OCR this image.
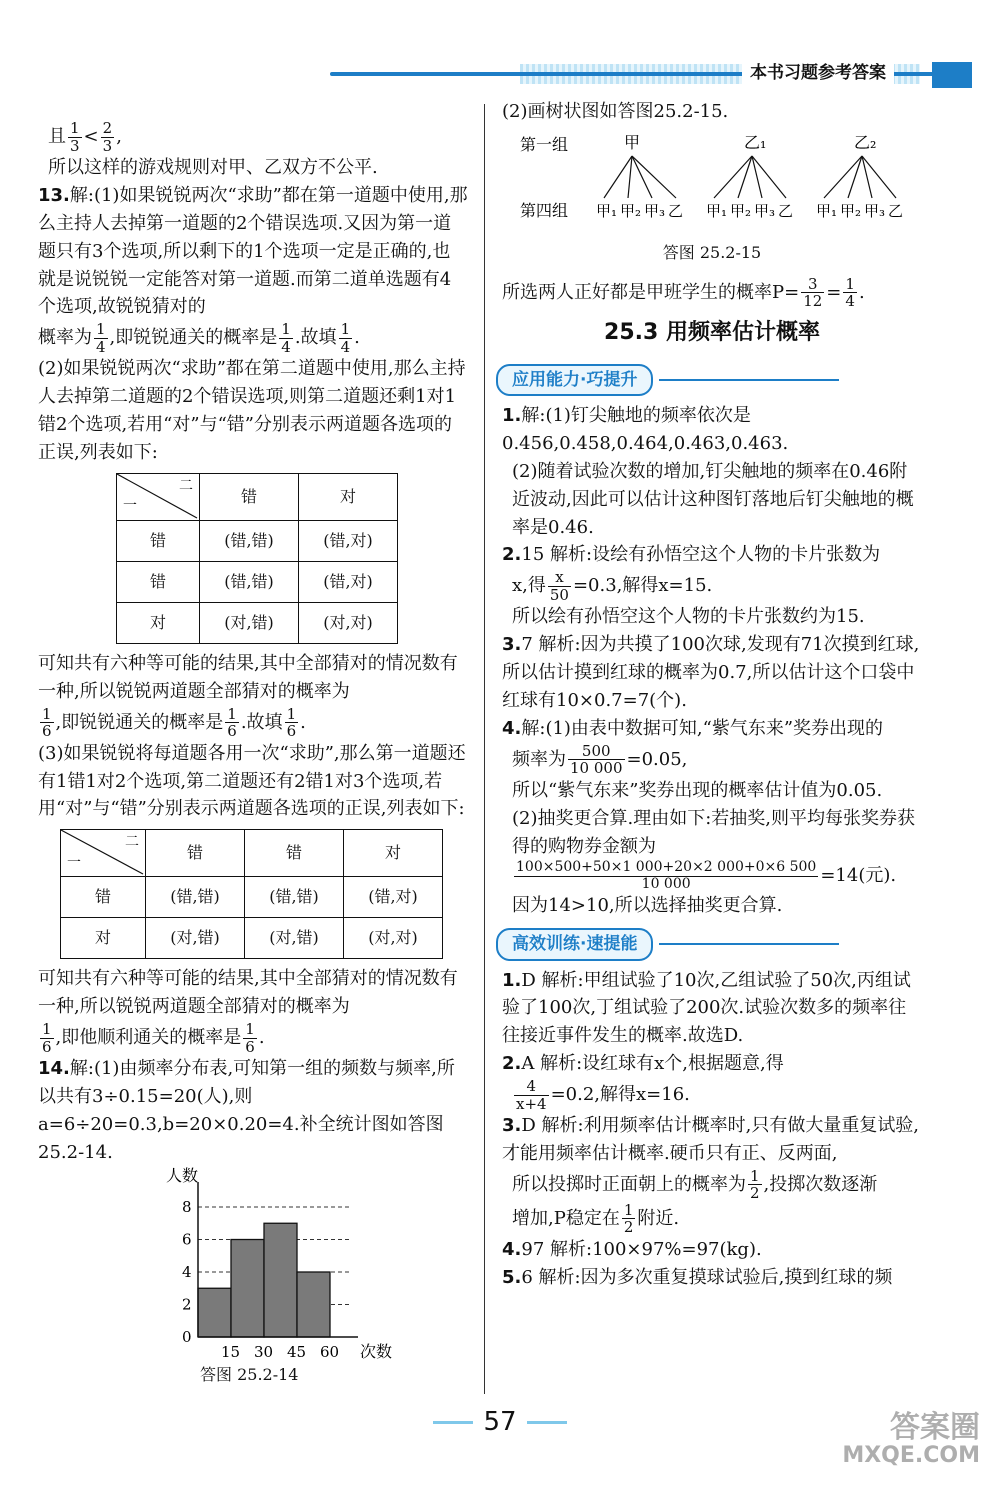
本书习题参考答案

且 $\frac{1}{3} < \frac{2}{3}$ ,

所以这样的游戏规则对甲、乙双方不公平.

13.解:(1)如果锐锐两次“求助”都在第一道题中使用,那么主持人去掉第一道题的2个错误选项.又因为第一道题只有3个选项,所以剩下的1个选项一定是正确的,也就是说锐锐一定能答对第一道题.而第二道单选题有4个选项,故锐锐猜对的

概率为 $\frac{1}{4}$ ,即锐锐通关的概率是 $\frac{1}{4}$ .故填 $\frac{1}{4}$ .

(2)如果锐锐两次“求助”都在第二道题中使用,那么主持人去掉第二道题的2个错误选项,则第二道题还剩1对1错2个选项,若用“对”与“错”分别表示两道题各选项的正误,列表如下:

二
一	错	对
错	(错,错)	(错,对)
错	(错,错)	(错,对)
对	(对,错)	(对,对)

可知共有六种等可能的结果,其中全部猜对的情况数有一种,所以锐锐两道题全部猜对的概率为

$\frac{1}{6}$ ,即锐锐通关的概率是 $\frac{1}{6}$ .故填 $\frac{1}{6}$ .

(3)如果锐锐将每道题各用一次“求助”,那么第一道题还有1错1对2个选项,第二道题还有2错1对3个选项,若用“对”与“错”分别表示两道题各选项的正误,列表如下:

二
一	错	错	对
错	(错,错)	(错,错)	(错,对)
对	(对,错)	(对,错)	(对,对)

可知共有六种等可能的结果,其中全部猜对的情况数有一种,所以锐锐两道题全部猜对的概率为

$\frac{1}{6}$ ,即他顺利通关的概率是 $\frac{1}{6}$ .

14.解:(1)由频率分布表,可知第一组的频数与频率,所以共有3÷0.15=20(人),则a=6÷20=0.3,b=20×0.20=4.补全统计图如答图25.2-14.

人数
次数
0
2
4
6
8
15 30 45 60
答图 25.2-14

(2)画树状图如答图25.2-15.

第一组
第四组
甲
甲₁ 甲₂ 甲₃ 乙
乙₁
甲₁ 甲₂ 甲₃ 乙
乙₂
甲₁ 甲₂ 甲₃ 乙
答图 25.2-15

所选两人正好都是甲班学生的概率$P= \frac{3}{12} = \frac{1}{4}$ .

25.3 用频率估计概率
应用能力·巧提升

1.解:(1)钉尖触地的频率依次是0.456,0.458,0.464,0.463,0.463.

(2)随着试验次数的增加,钉尖触地的频率在0.46附近波动,因此可以估计这种图钉落地后钉尖触地的概率是0.46.

2.15 解析:设绘有孙悟空这个人物的卡片张数为

x,得 $\frac{x}{50} =0.3$,解得x=15.

所以绘有孙悟空这个人物的卡片张数约为15.

3.7 解析:因为共摸了100次球,发现有71次摸到红球,所以估计摸到红球的概率为0.7,所以估计这个口袋中红球有10×0.7=7(个).

4.解:(1)由表中数据可知,“紫气东来”奖券出现的

频率为 $\frac{500}{10 000} =0.05$,

所以“紫气东来”奖券出现的概率估计值为0.05.

(2)抽奖更合算.理由如下:若抽奖,则平均每张奖券获得的购物券金额为

$\frac{100\times 500+50\times 1 000+20\times 2 000+0\times 6 500}{10 000} =14$(元).

因为14>10,所以选择抽奖更合算.

高效训练·速提能

1.D 解析:甲组试验了10次,乙组试验了50次,丙组试验了100次,丁组试验了200次.试验次数多的频率往往接近事件发生的概率.故选D.

2.A 解析:设红球有x个,根据题意,得

$\frac{4}{x+4} =0.2$,解得x=16.

3.D 解析:利用频率估计概率时,只有做大量重复试验,才能用频率估计概率.硬币只有正、反两面,

所以投掷时正面朝上的概率为 $\frac{1}{2}$ ,投掷次数逐渐

增加,P稳定在 $\frac{1}{2}$ 附近.

4.97 解析:100×97%=97(kg).

5.6 解析:因为多次重复摸球试验后,摸到红球的频

57	答案圈
MXQE.COM
